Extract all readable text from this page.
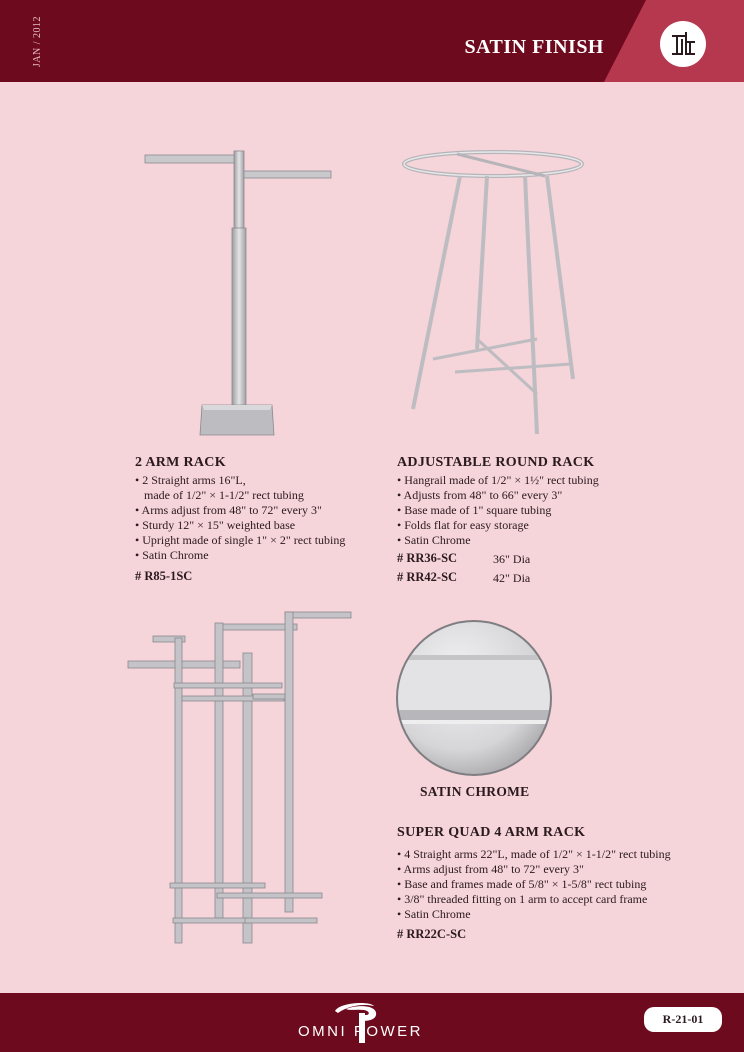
JAN / 2012	SATIN FINISH
2 ARM RACK
• 2 Straight arms 16"L,
made of 1/2" × 1-1/2" rect tubing
• Arms adjust from 48" to 72" every 3"
• Sturdy 12" × 15" weighted base
• Upright made of single 1" × 2" rect tubing
• Satin Chrome
# R85-1SC
ADJUSTABLE ROUND RACK
• Hangrail made of 1/2" × 1½" rect tubing
• Adjusts from 48" to 66" every 3"
• Base made of 1" square tubing
• Folds flat for easy storage
• Satin Chrome
# RR36-SC	36" Dia
# RR42-SC	42" Dia
SATIN CHROME
SUPER QUAD 4 ARM RACK
• 4 Straight arms 22"L, made of 1/2" × 1-1/2" rect tubing
• Arms adjust from 48" to 72" every 3"
• Base and frames made of 5/8" × 1-5/8" rect tubing
• 3/8" threaded fitting on 1 arm to accept card frame
• Satin Chrome
# RR22C-SC
OMNI POWER
R-21-01
